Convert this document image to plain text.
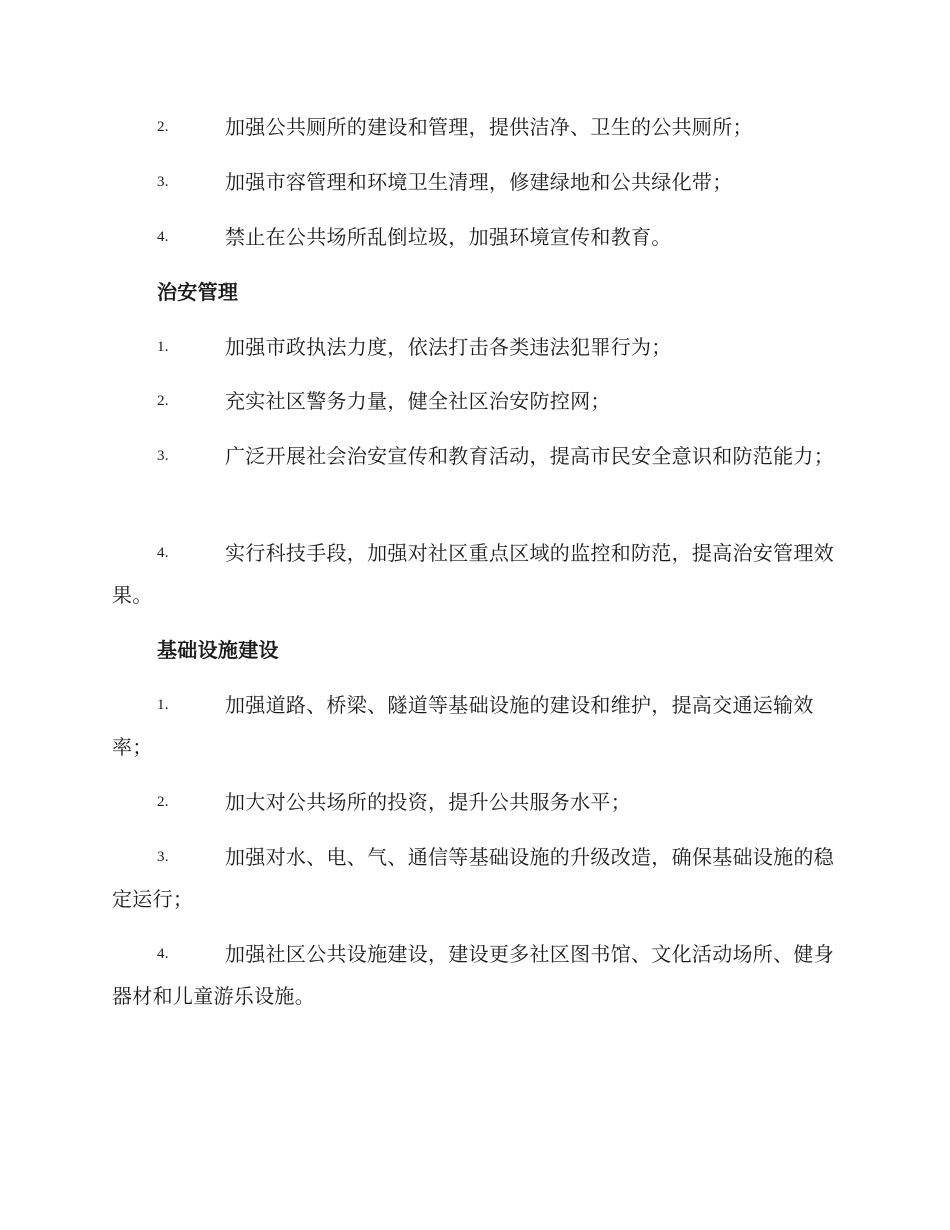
2.	加强公共厕所的建设和管理，提供洁净、卫生的公共厕所；
3.	加强市容管理和环境卫生清理，修建绿地和公共绿化带；
4.	禁止在公共场所乱倒垃圾，加强环境宣传和教育。
治安管理
1.	加强市政执法力度，依法打击各类违法犯罪行为；
2.	充实社区警务力量，健全社区治安防控网；
3.	广泛开展社会治安宣传和教育活动，提高市民安全意识和防范能力；
4.	实行科技手段，加强对社区重点区域的监控和防范，提高治安管理效果。
基础设施建设
1.	加强道路、桥梁、隧道等基础设施的建设和维护，提高交通运输效率；
2.	加大对公共场所的投资，提升公共服务水平；
3.	加强对水、电、气、通信等基础设施的升级改造，确保基础设施的稳定运行；
4.	加强社区公共设施建设，建设更多社区图书馆、文化活动场所、健身器材和儿童游乐设施。
